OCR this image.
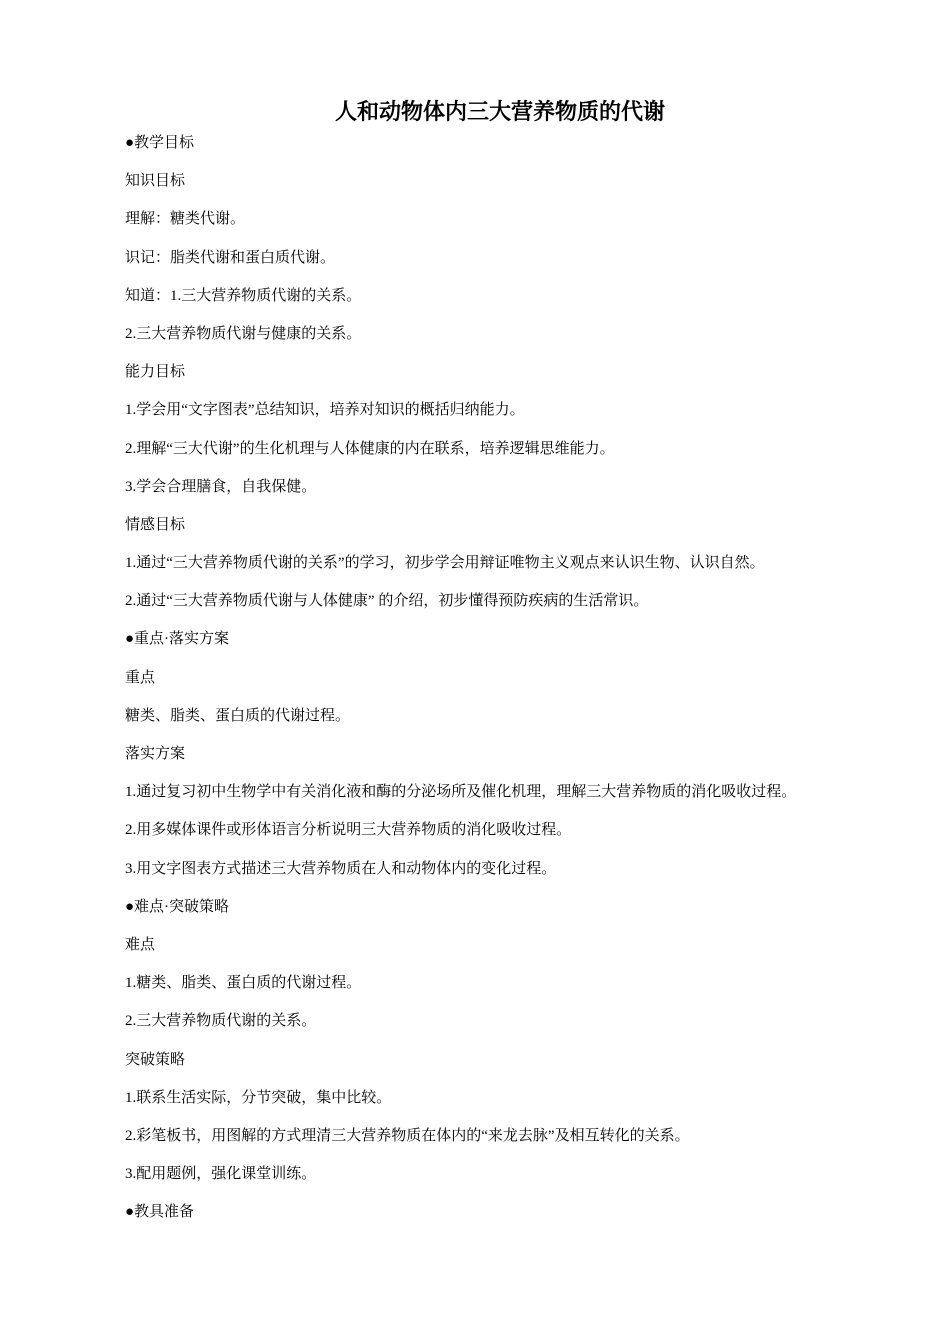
人和动物体内三大营养物质的代谢
●教学目标
知识目标
理解：糖类代谢。
识记：脂类代谢和蛋白质代谢。
知道：1.三大营养物质代谢的关系。
2.三大营养物质代谢与健康的关系。
能力目标
1.学会用“文字图表”总结知识，培养对知识的概括归纳能力。
2.理解“三大代谢”的生化机理与人体健康的内在联系，培养逻辑思维能力。
3.学会合理膳食，自我保健。
情感目标
1.通过“三大营养物质代谢的关系”的学习，初步学会用辩证唯物主义观点来认识生物、认识自然。
2.通过“三大营养物质代谢与人体健康” 的介绍，初步懂得预防疾病的生活常识。
●重点·落实方案
重点
糖类、脂类、蛋白质的代谢过程。
落实方案
1.通过复习初中生物学中有关消化液和酶的分泌场所及催化机理，理解三大营养物质的消化吸收过程。
2.用多媒体课件或形体语言分析说明三大营养物质的消化吸收过程。
3.用文字图表方式描述三大营养物质在人和动物体内的变化过程。
●难点·突破策略
难点
1.糖类、脂类、蛋白质的代谢过程。
2.三大营养物质代谢的关系。
突破策略
1.联系生活实际，分节突破，集中比较。
2.彩笔板书，用图解的方式理清三大营养物质在体内的“来龙去脉”及相互转化的关系。
3.配用题例，强化课堂训练。
●教具准备
